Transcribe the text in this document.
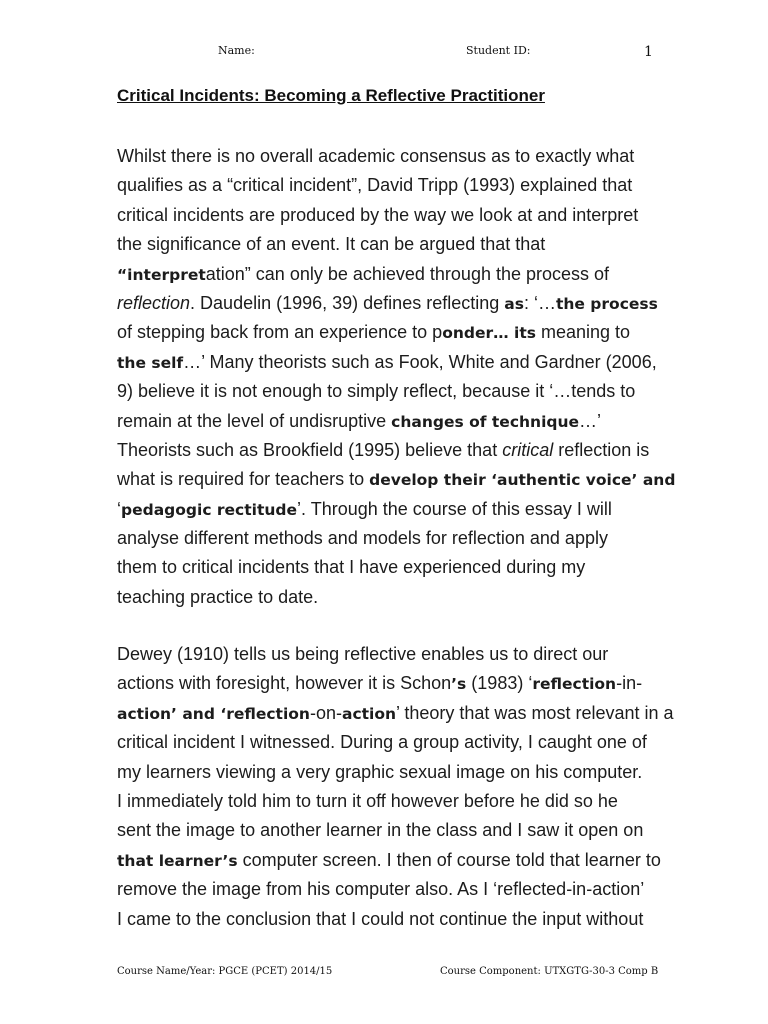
Name:	Student ID:	1
Critical Incidents: Becoming a Reflective Practitioner
Whilst there is no overall academic consensus as to exactly what
qualifies as a “critical incident”, David Tripp (1993) explained that
critical incidents are produced by the way we look at and interpret
the significance of an event. It can be argued that that
“interpretation” can only be achieved through the process of
reflection. Daudelin (1996, 39) defines reflecting as: ‘…the process
of stepping back from an experience to ponder… its meaning to
the self…’ Many theorists such as Fook, White and Gardner (2006,
9) believe it is not enough to simply reflect, because it ‘…tends to
remain at the level of undisruptive changes of technique…’
Theorists such as Brookfield (1995) believe that critical reflection is
what is required for teachers to develop their ‘authentic voice’ and
‘pedagogic rectitude’. Through the course of this essay I will
analyse different methods and models for reflection and apply
them to critical incidents that I have experienced during my
teaching practice to date.
Dewey (1910) tells us being reflective enables us to direct our
actions with foresight, however it is Schon’s (1983) ‘reflection-in-
action’ and ‘reflection-on-action’ theory that was most relevant in a
critical incident I witnessed. During a group activity, I caught one of
my learners viewing a very graphic sexual image on his computer.
I immediately told him to turn it off however before he did so he
sent the image to another learner in the class and I saw it open on
that learner’s computer screen. I then of course told that learner to
remove the image from his computer also. As I ‘reflected-in-action’
I came to the conclusion that I could not continue the input without
Course Name/Year: PGCE (PCET) 2014/15	Course Component: UTXGTG-30-3 Comp B
